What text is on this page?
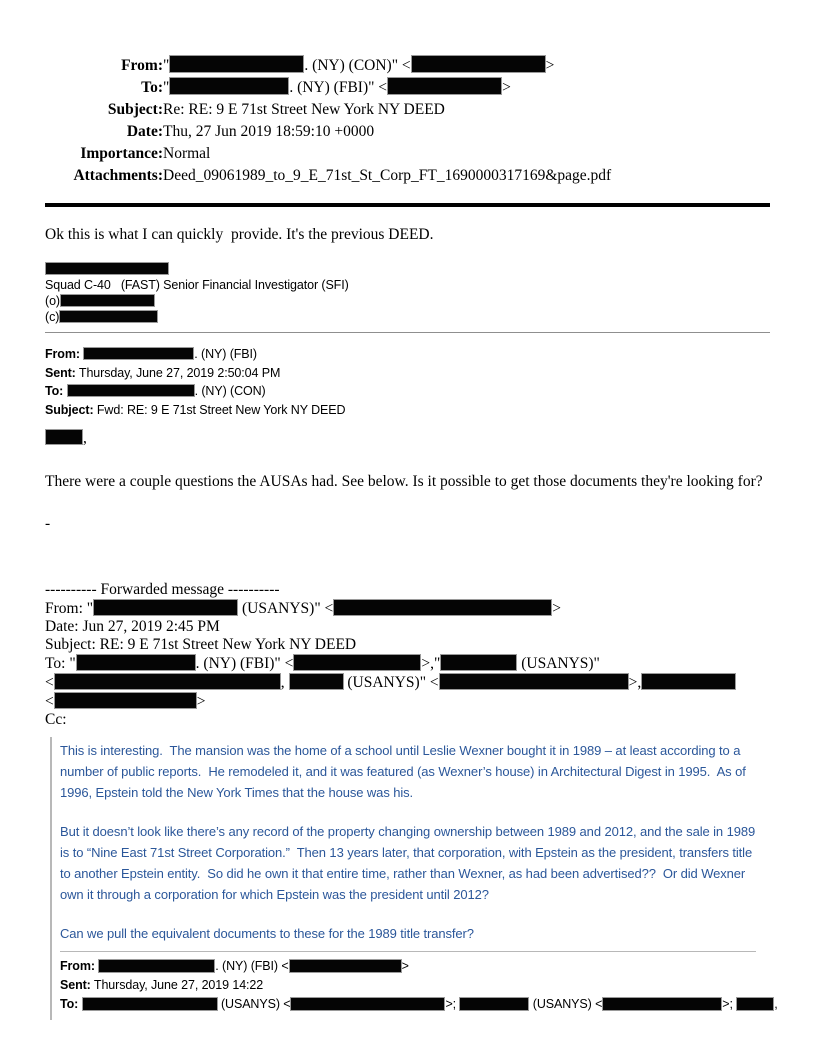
From:	" . (NY) (CON)" < >
To:	" . (NY) (FBI)" < >
Subject:	Re: RE: 9 E 71st Street New York NY DEED
Date:	Thu, 27 Jun 2019 18:59:10 +0000
Importance:	Normal
Attachments:	Deed_09061989_to_9_E_71st_St_Corp_FT_1690000317169&page.pdf

Ok this is what I can quickly  provide. It's the previous DEED.

Squad C-40   (FAST) Senior Financial Investigator (SFI)
(o)
(c)
From:	. (NY) (FBI)
Sent: Thursday, June 27, 2019 2:50:04 PM
To:	. (NY) (CON)
Subject: Fwd: RE: 9 E 71st Street New York NY DEED
,

There were a couple questions the AUSAs had. See below. Is it possible to get those documents they're looking for?

-

---------- Forwarded message ----------
From: "	(USANYS)" <	>
Date: Jun 27, 2019 2:45 PM
Subject: RE: 9 E 71st Street New York NY DEED
To: "	. (NY) (FBI)" <	>,"	(USANYS)"
<	,	(USANYS)" <	>,
<	>
Cc:

This is interesting.  The mansion was the home of a school until Leslie Wexner bought it in 1989 – at least according to a number of public reports.  He remodeled it, and it was featured (as Wexner’s house) in Architectural Digest in 1995.  As of 1996, Epstein told the New York Times that the house was his.

But it doesn’t look like there’s any record of the property changing ownership between 1989 and 2012, and the sale in 1989 is to “Nine East 71st Street Corporation.”  Then 13 years later, that corporation, with Epstein as the president, transfers title to another Epstein entity.  So did he own it that entire time, rather than Wexner, as had been advertised??  Or did Wexner own it through a corporation for which Epstein was the president until 2012?

Can we pull the equivalent documents to these for the 1989 title transfer?

From:	. (NY) (FBI) <	>
Sent: Thursday, June 27, 2019 14:22
To:	(USANYS) <	>;	(USANYS) <	>;	,
